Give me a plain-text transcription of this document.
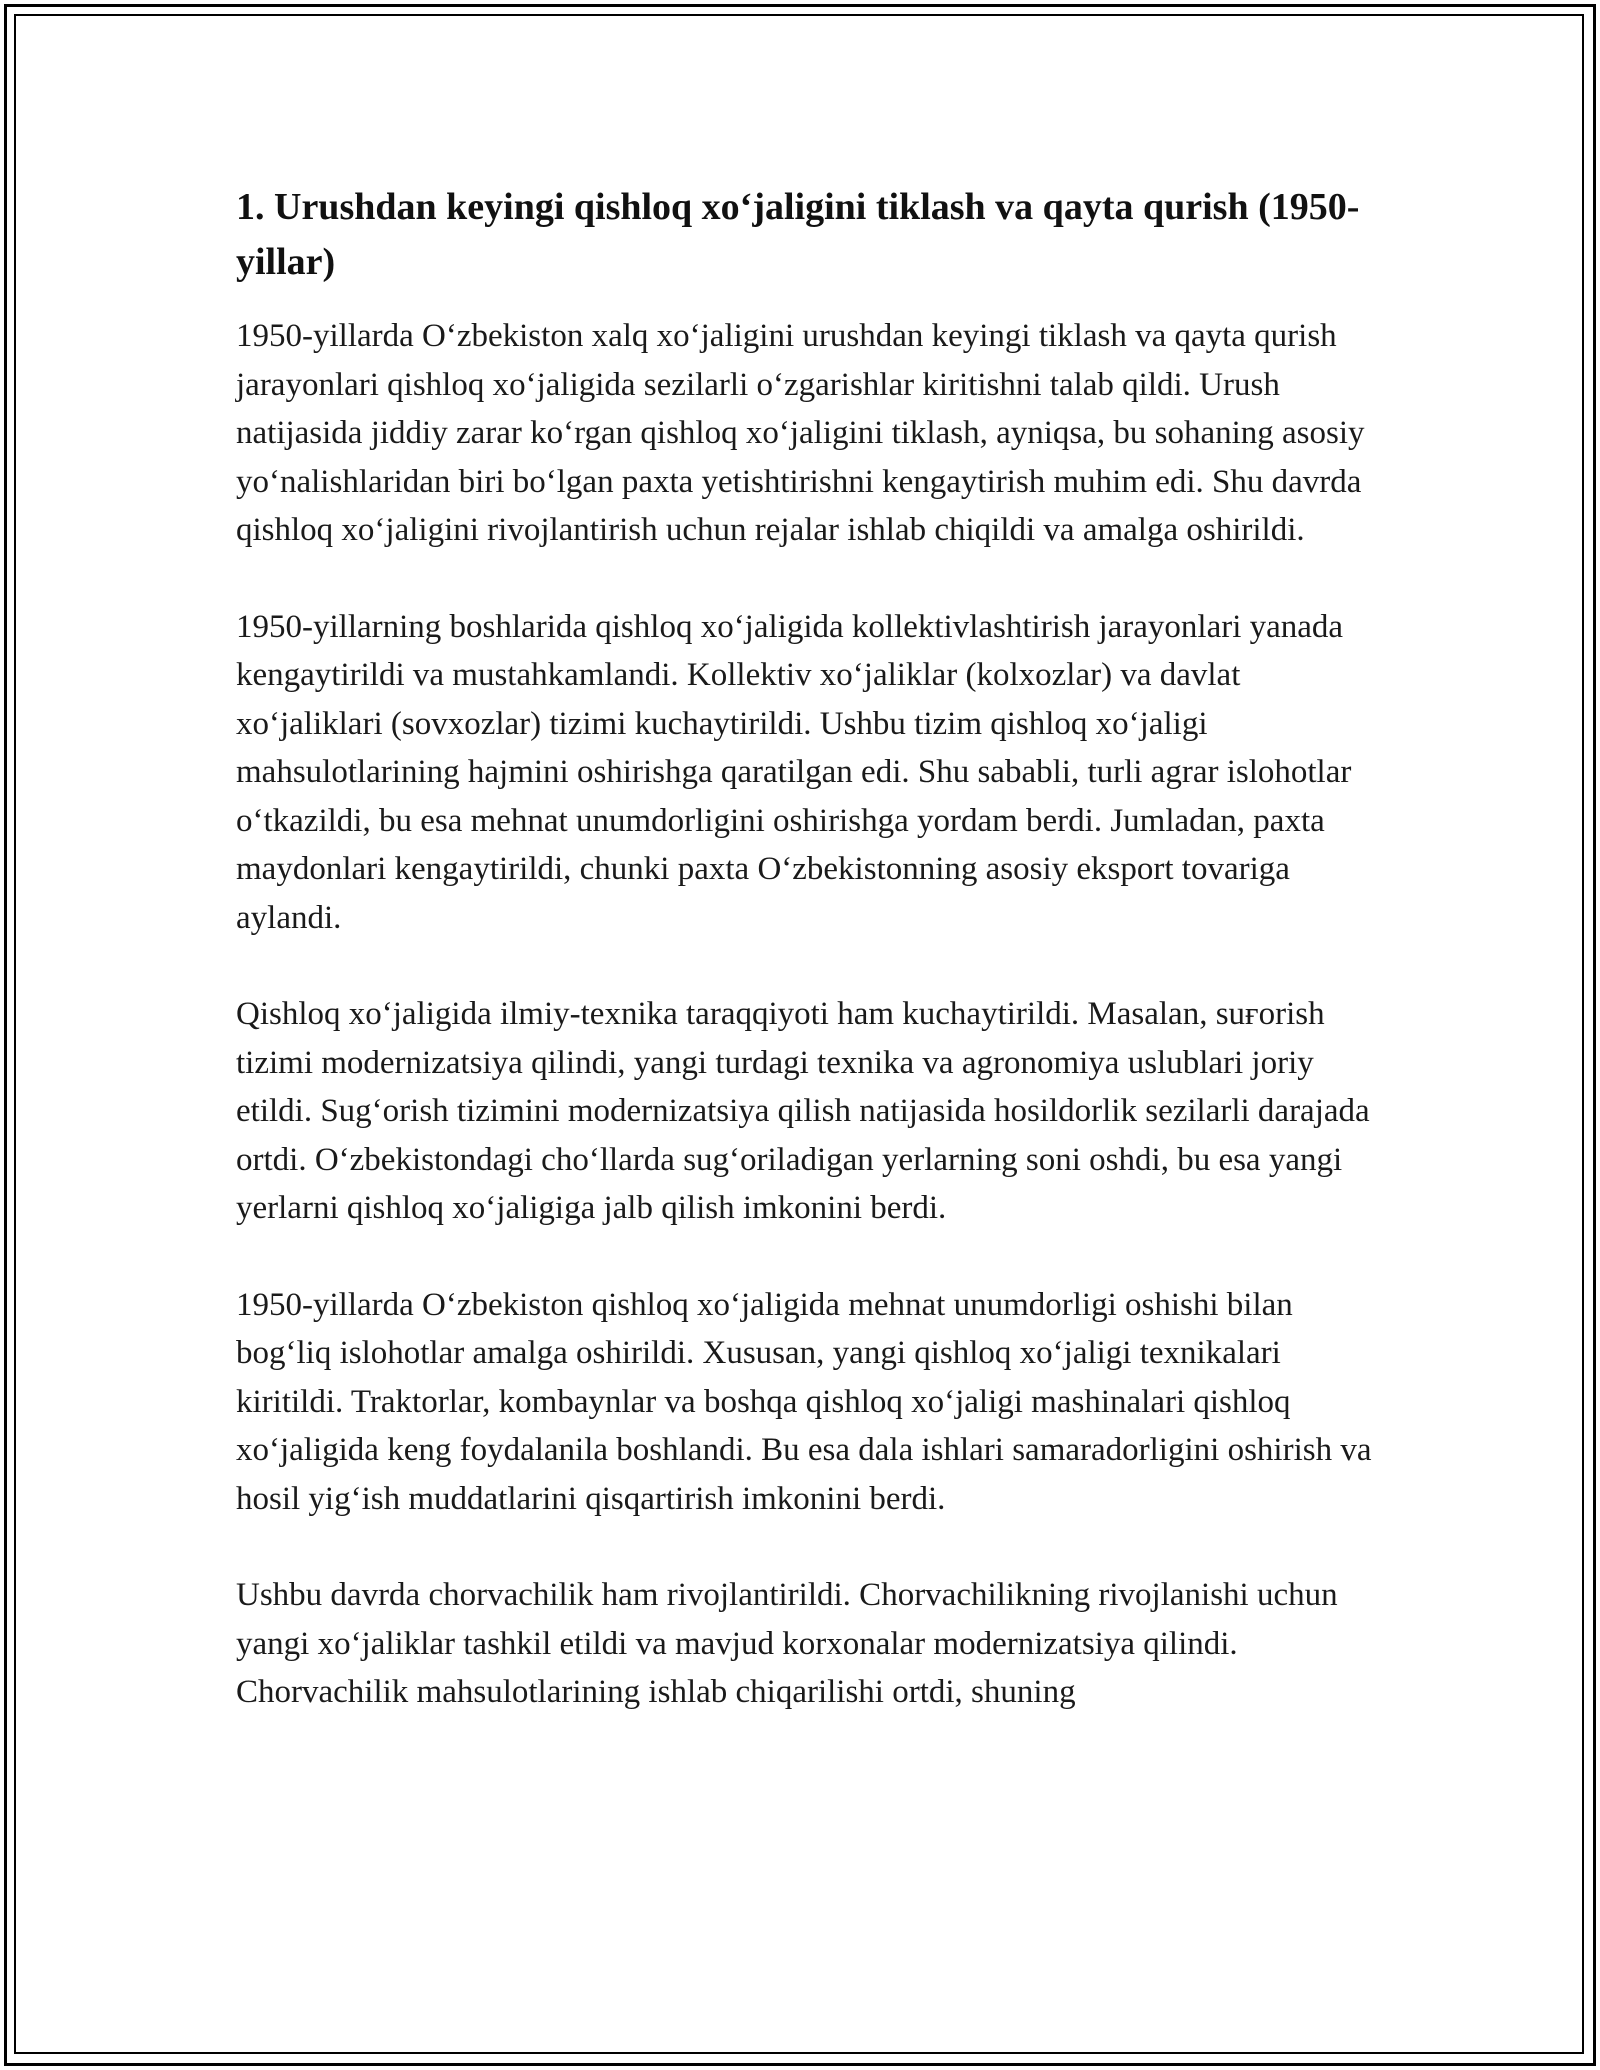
1. Urushdan keyingi qishloq xo‘jaligini tiklash va qayta qurish (1950-yillar)

1950-yillarda O‘zbekiston xalq xo‘jaligini urushdan keyingi tiklash va qayta qurish jarayonlari qishloq xo‘jaligida sezilarli o‘zgarishlar kiritishni talab qildi. Urush natijasida jiddiy zarar ko‘rgan qishloq xo‘jaligini tiklash, ayniqsa, bu sohaning asosiy yo‘nalishlaridan biri bo‘lgan paxta yetishtirishni kengaytirish muhim edi. Shu davrda qishloq xo‘jaligini rivojlantirish uchun rejalar ishlab chiqildi va amalga oshirildi.

1950-yillarning boshlarida qishloq xo‘jaligida kollektivlashtirish jarayonlari yanada kengaytirildi va mustahkamlandi. Kollektiv xo‘jaliklar (kolxozlar) va davlat xo‘jaliklari (sovxozlar) tizimi kuchaytirildi. Ushbu tizim qishloq xo‘jaligi mahsulotlarining hajmini oshirishga qaratilgan edi. Shu sababli, turli agrar islohotlar o‘tkazildi, bu esa mehnat unumdorligini oshirishga yordam berdi. Jumladan, paxta maydonlari kengaytirildi, chunki paxta O‘zbekistonning asosiy eksport tovariga aylandi.

Qishloq xo‘jaligida ilmiy-texnika taraqqiyoti ham kuchaytirildi. Masalan, suғorish tizimi modernizatsiya qilindi, yangi turdagi texnika va agronomiya uslublari joriy etildi. Sug‘orish tizimini modernizatsiya qilish natijasida hosildorlik sezilarli darajada ortdi. O‘zbekistondagi cho‘llarda sug‘oriladigan yerlarning soni oshdi, bu esa yangi yerlarni qishloq xo‘jaligiga jalb qilish imkonini berdi.

1950-yillarda O‘zbekiston qishloq xo‘jaligida mehnat unumdorligi oshishi bilan bog‘liq islohotlar amalga oshirildi. Xususan, yangi qishloq xo‘jaligi texnikalari kiritildi. Traktorlar, kombaynlar va boshqa qishloq xo‘jaligi mashinalari qishloq xo‘jaligida keng foydalanila boshlandi. Bu esa dala ishlari samaradorligini oshirish va hosil yig‘ish muddatlarini qisqartirish imkonini berdi.

Ushbu davrda chorvachilik ham rivojlantirildi. Chorvachilikning rivojlanishi uchun yangi xo‘jaliklar tashkil etildi va mavjud korxonalar modernizatsiya qilindi. Chorvachilik mahsulotlarining ishlab chiqarilishi ortdi, shuning
